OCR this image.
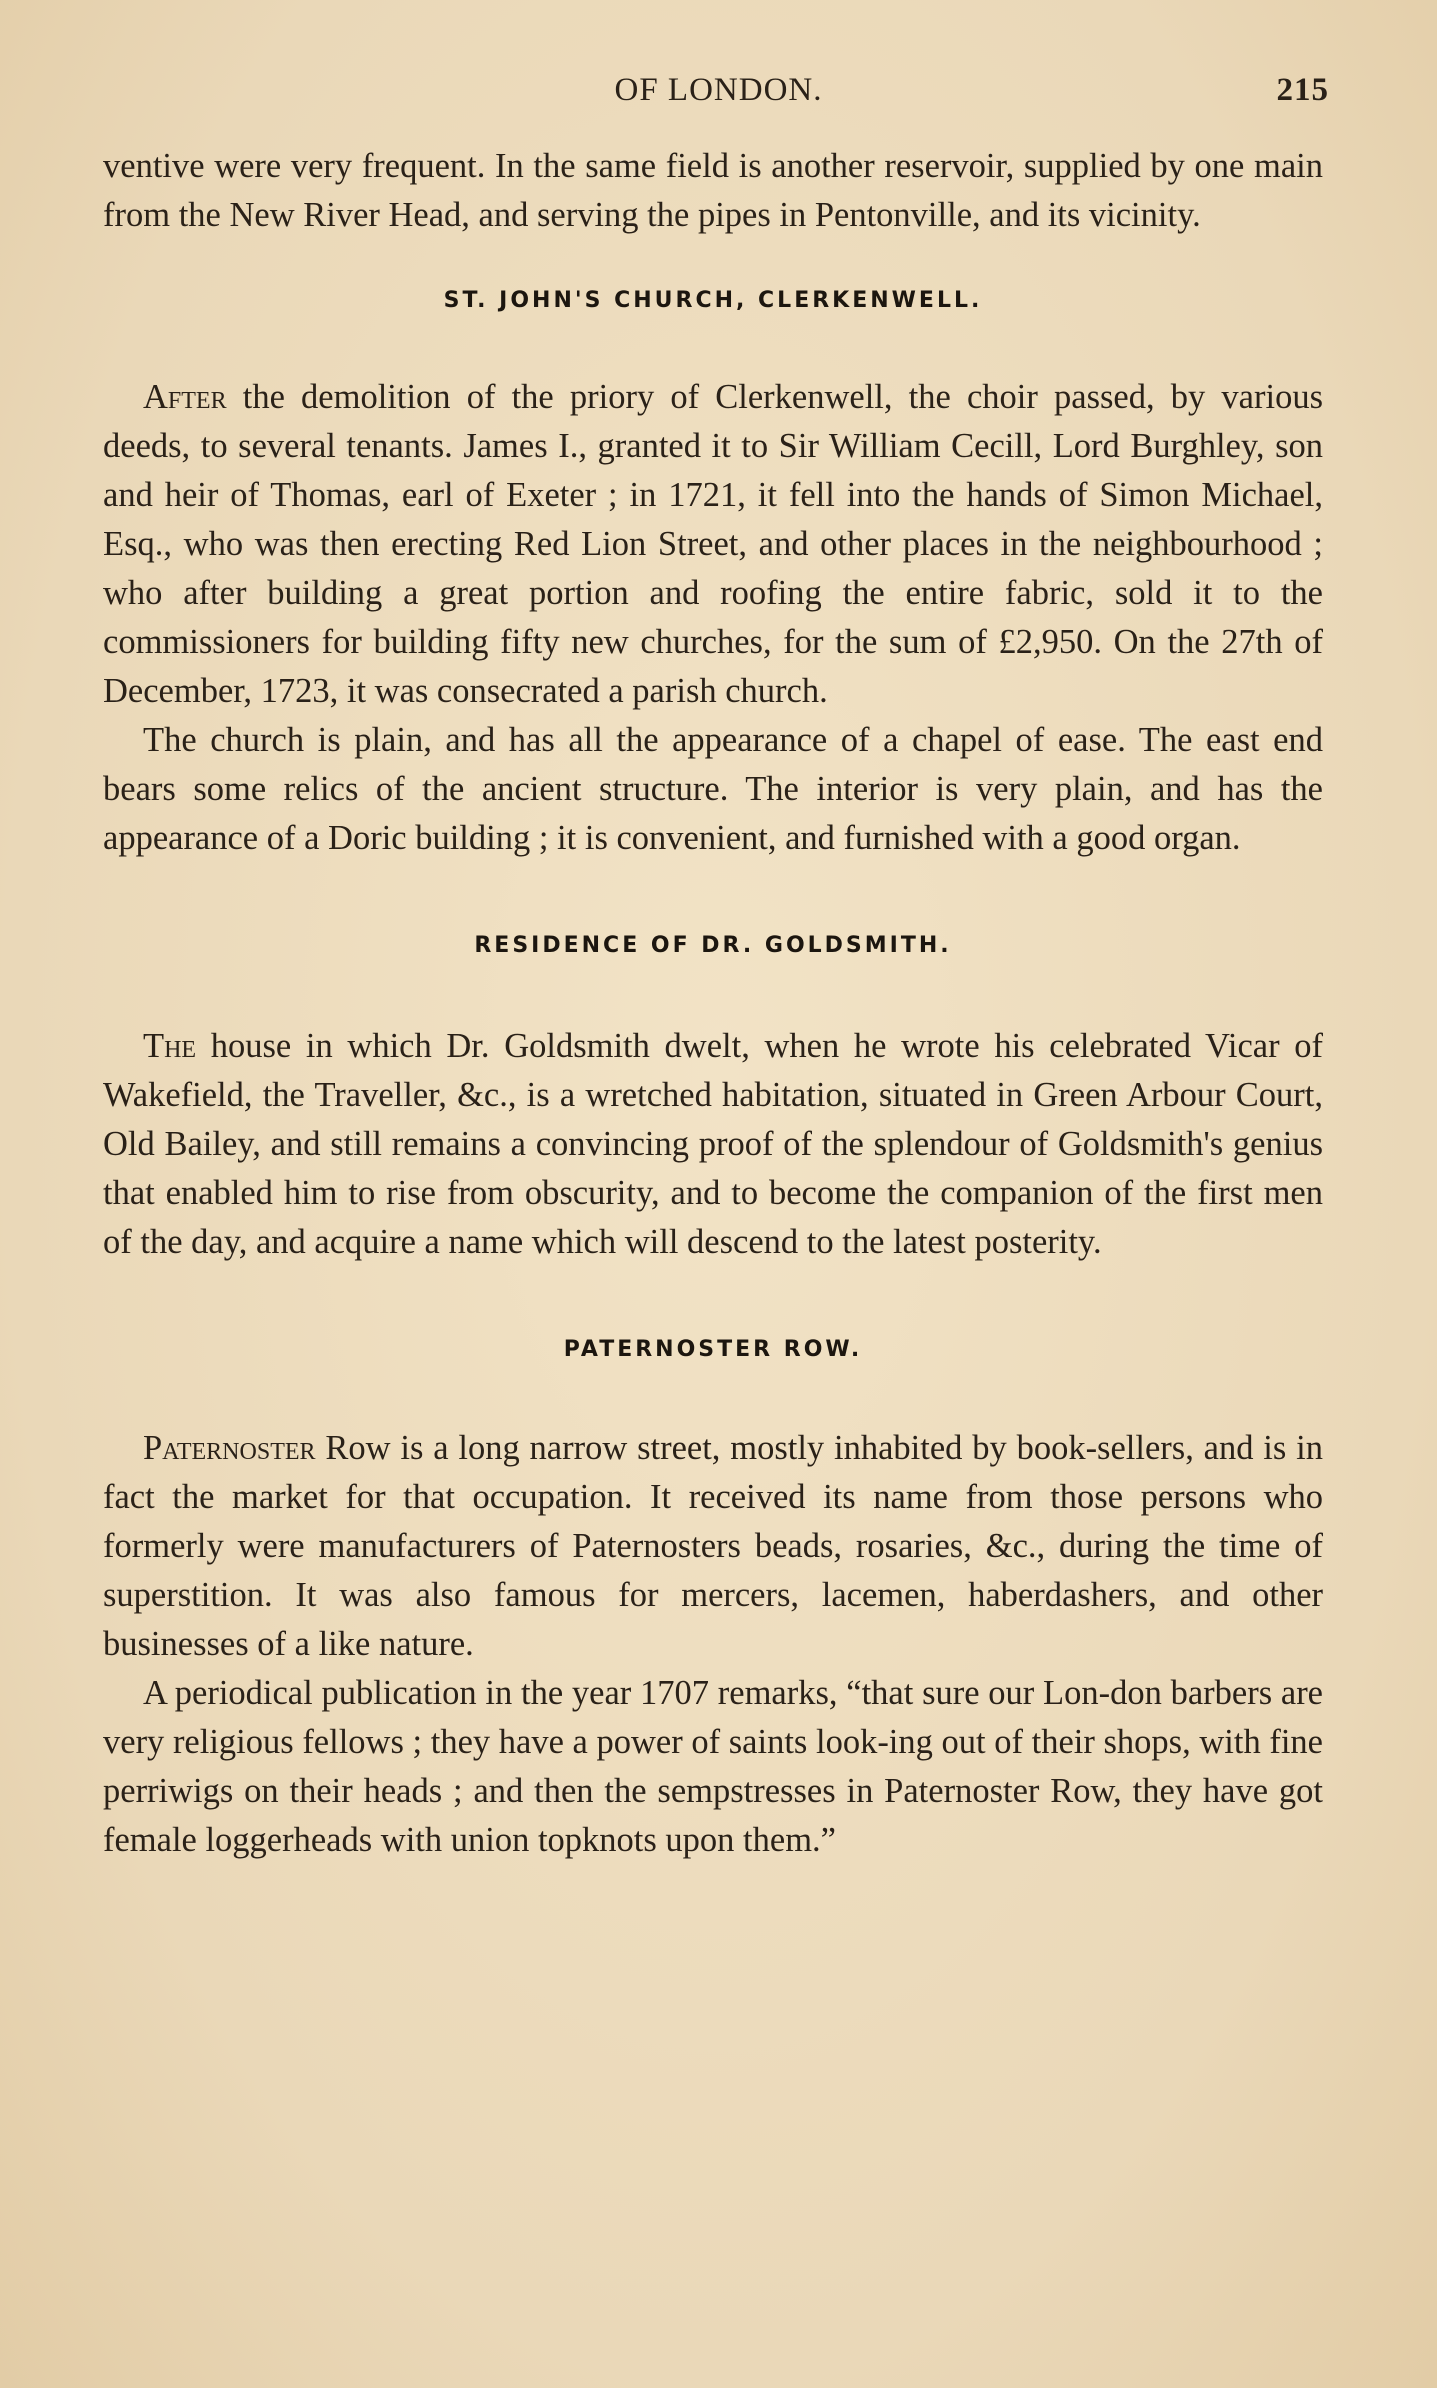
OF LONDON.	215

ventive were very frequent. In the same field is another reservoir, supplied by one main from the New River Head, and serving the pipes in Pentonville, and its vicinity.

ST. JOHN'S CHURCH, CLERKENWELL.

After the demolition of the priory of Clerkenwell, the choir passed, by various deeds, to several tenants. James I., granted it to Sir William Cecill, Lord Burghley, son and heir of Thomas, earl of Exeter ; in 1721, it fell into the hands of Simon Michael, Esq., who was then erecting Red Lion Street, and other places in the neighbourhood ; who after building a great portion and roofing the entire fabric, sold it to the commissioners for building fifty new churches, for the sum of £2,950. On the 27th of December, 1723, it was consecrated a parish church.

The church is plain, and has all the appearance of a chapel of ease. The east end bears some relics of the ancient structure. The interior is very plain, and has the appearance of a Doric building ; it is convenient, and furnished with a good organ.

RESIDENCE OF DR. GOLDSMITH.

The house in which Dr. Goldsmith dwelt, when he wrote his celebrated Vicar of Wakefield, the Traveller, &c., is a wretched habitation, situated in Green Arbour Court, Old Bailey, and still remains a convincing proof of the splendour of Goldsmith's genius that enabled him to rise from obscurity, and to become the companion of the first men of the day, and acquire a name which will descend to the latest posterity.

PATERNOSTER ROW.

Paternoster Row is a long narrow street, mostly inhabited by book-sellers, and is in fact the market for that occupation. It received its name from those persons who formerly were manufacturers of Paternosters beads, rosaries, &c., during the time of superstition. It was also famous for mercers, lacemen, haberdashers, and other businesses of a like nature.

A periodical publication in the year 1707 remarks, “that sure our Lon-don barbers are very religious fellows ; they have a power of saints look-ing out of their shops, with fine perriwigs on their heads ; and then the sempstresses in Paternoster Row, they have got female loggerheads with union topknots upon them.”
